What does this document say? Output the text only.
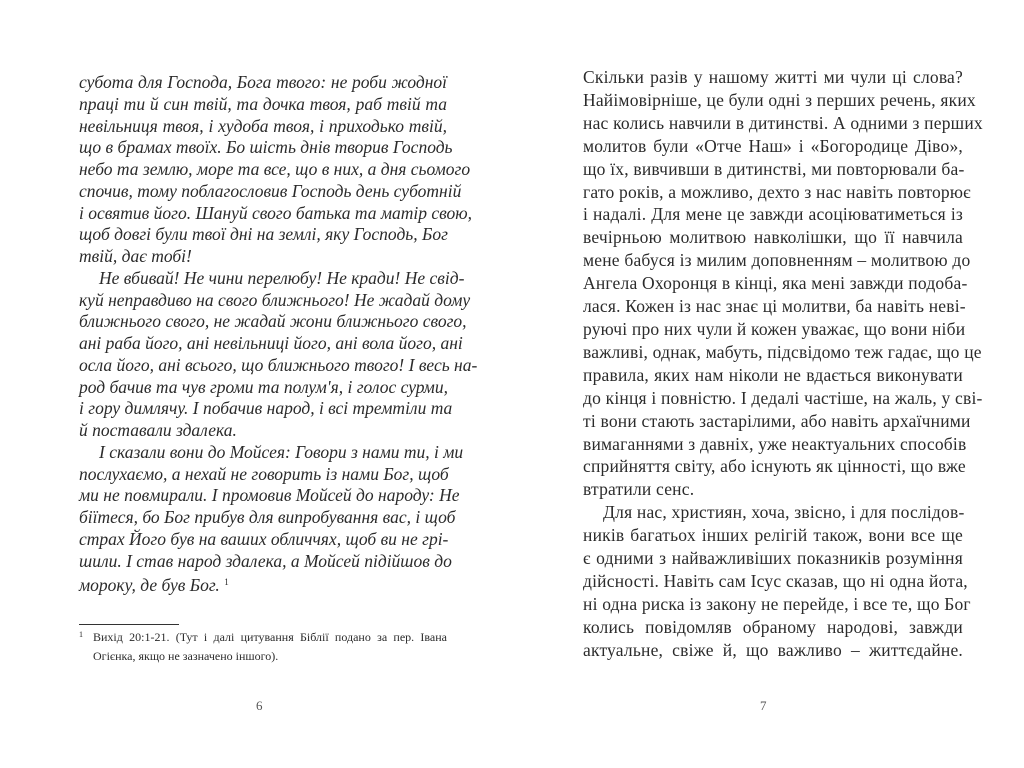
субота для Господа, Бога твого: не роби жодної
праці ти й син твій, та дочка твоя, раб твій та
невільниця твоя, і худоба твоя, і приходько твій,
що в брамах твоїх. Бо шість днів творив Господь
небо та землю, море та все, що в них, а дня сьомого
спочив, тому поблагословив Господь день суботній
і освятив його. Шануй свого батька та матір свою,
щоб довгі були твої дні на землі, яку Господь, Бог
твій, дає тобі!
Не вбивай! Не чини перелюбу! Не кради! Не свід-
куй неправдиво на свого ближнього! Не жадай дому
ближнього свого, не жадай жони ближнього свого,
ані раба його, ані невільниці його, ані вола його, ані
осла його, ані всього, що ближнього твого! І весь на-
род бачив та чув громи та полум'я, і голос сурми,
і гору димлячу. І побачив народ, і всі тремтіли та
й поставали здалека.
І сказали вони до Мойсея: Говори з нами ти, і ми
послухаємо, а нехай не говорить із нами Бог, щоб
ми не повмирали. І промовив Мойсей до народу: Не
біїтеся, бо Бог прибув для випробування вас, і щоб
страх Його був на ваших обличчях, щоб ви не грі-
шили. І став народ здалека, а Мойсей підійшов до
мороку, де був Бог. $^1$
1 Вихід 20:1-21. (Тут і далі цитування Біблії подано за пер. Івана
Огієнка, якщо не зазначено іншого).
6
Скільки разів у нашому житті ми чули ці слова?
Найімовірніше, це були одні з перших речень, яких
нас колись навчили в дитинстві. А одними з перших
молитов були «Отче Наш» і «Богородице Діво»,
що їх, вивчивши в дитинстві, ми повторювали ба-
гато років, а можливо, дехто з нас навіть повторює
і надалі. Для мене це завжди асоціюватиметься із
вечірньою молитвою навколішки, що її навчила
мене бабуся із милим доповненням – молитвою до
Ангела Охоронця в кінці, яка мені завжди подоба-
лася. Кожен із нас знає ці молитви, ба навіть неві-
руючі про них чули й кожен уважає, що вони ніби
важливі, однак, мабуть, підсвідомо теж гадає, що це
правила, яких нам ніколи не вдається виконувати
до кінця і повністю. І дедалі частіше, на жаль, у сві-
ті вони стають застарілими, або навіть архаїчними
вимаганнями з давніх, уже неактуальних способів
сприйняття світу, або існують як цінності, що вже
втратили сенс.
Для нас, християн, хоча, звісно, і для послідов-
ників багатьох інших релігій також, вони все ще
є одними з найважливіших показників розуміння
дійсності. Навіть сам Ісус сказав, що ні одна йота,
ні одна риска із закону не перейде, і все те, що Бог
колись повідомляв обраному народові, завжди
актуальне, свіже й, що важливо – життєдайне.
7
